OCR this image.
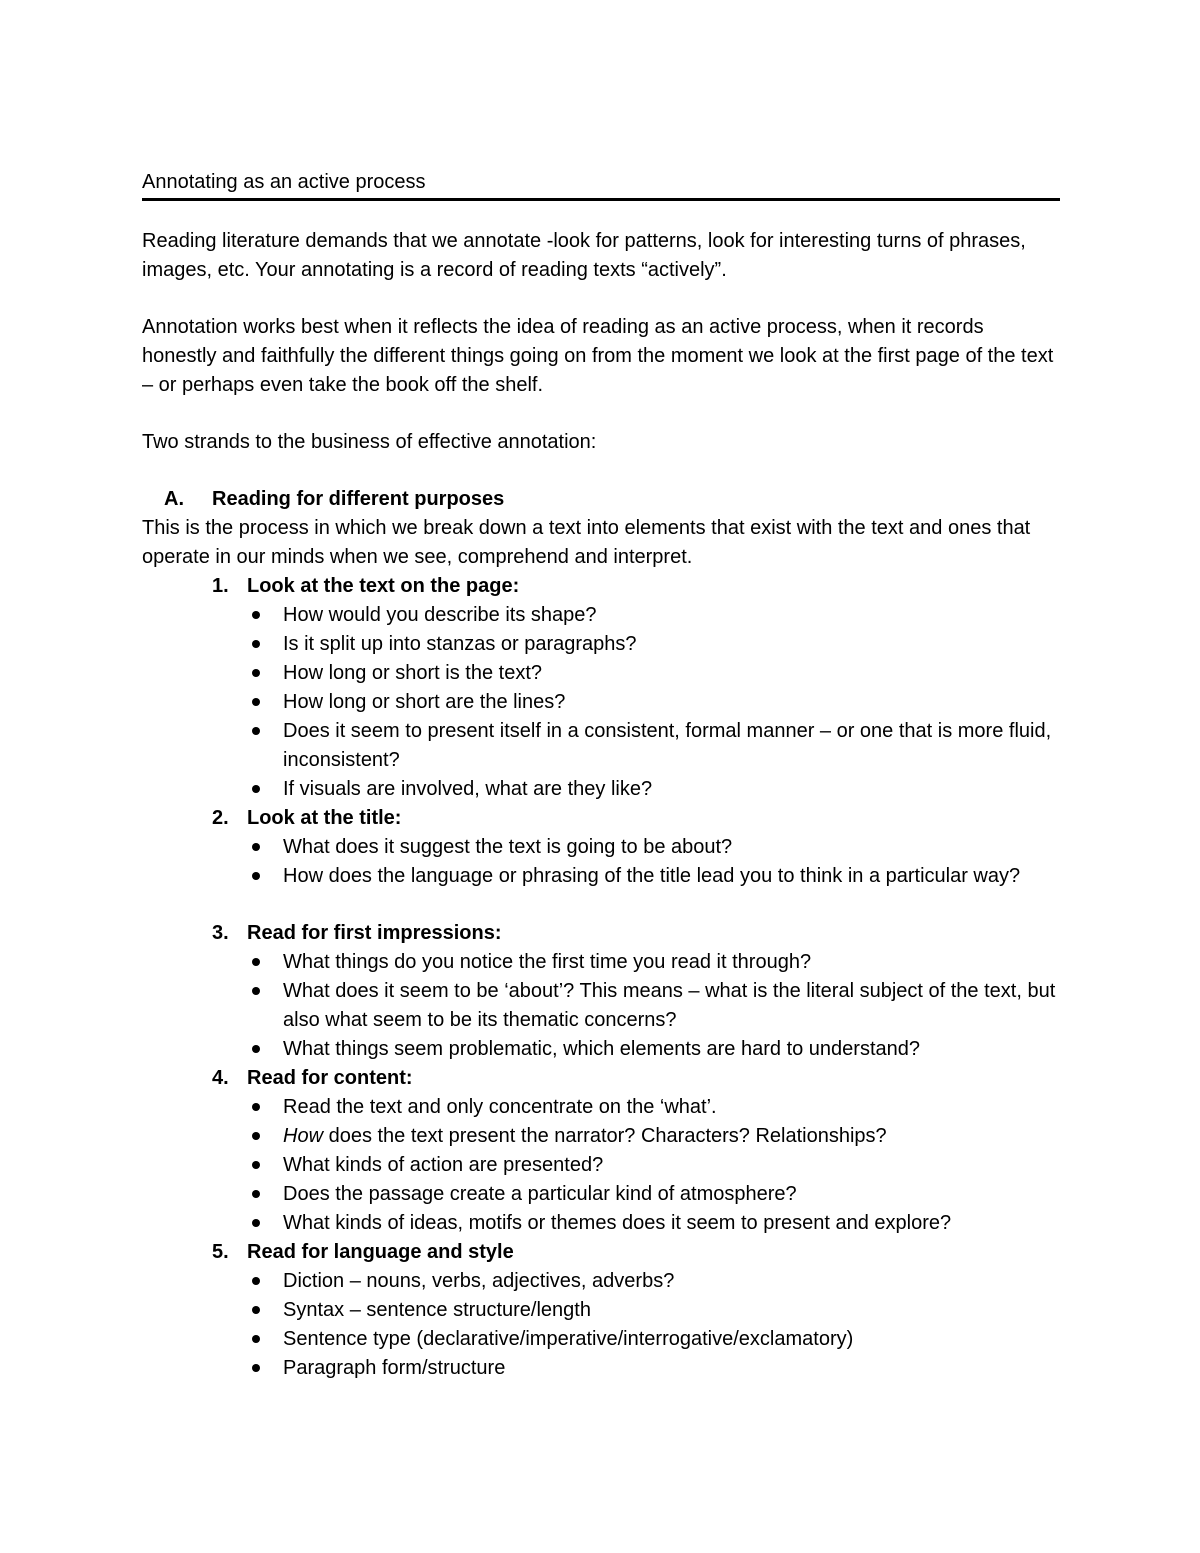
Annotating as an active process

Reading literature demands that we annotate -look for patterns, look for interesting turns of phrases, images, etc. Your annotating is a record of reading texts “actively”.

Annotation works best when it reflects the idea of reading as an active process, when it records honestly and faithfully the different things going on from the moment we look at the first page of the text – or perhaps even take the book off the shelf.

Two strands to the business of effective annotation:

A. Reading for different purposes

This is the process in which we break down a text into elements that exist with the text and ones that operate in our minds when we see, comprehend and interpret.

1. Look at the text on the page:
How would you describe its shape?
Is it split up into stanzas or paragraphs?
How long or short is the text?
How long or short are the lines?
Does it seem to present itself in a consistent, formal manner – or one that is more fluid, inconsistent?
If visuals are involved, what are they like?
2. Look at the title:
What does it suggest the text is going to be about?
How does the language or phrasing of the title lead you to think in a particular way?
3. Read for first impressions:
What things do you notice the first time you read it through?
What does it seem to be ‘about’? This means – what is the literal subject of the text, but also what seem to be its thematic concerns?
What things seem problematic, which elements are hard to understand?
4. Read for content:
Read the text and only concentrate on the ‘what’.
How does the text present the narrator? Characters? Relationships?
What kinds of action are presented?
Does the passage create a particular kind of atmosphere?
What kinds of ideas, motifs or themes does it seem to present and explore?
5. Read for language and style
Diction – nouns, verbs, adjectives, adverbs?
Syntax – sentence structure/length
Sentence type (declarative/imperative/interrogative/exclamatory)
Paragraph form/structure
